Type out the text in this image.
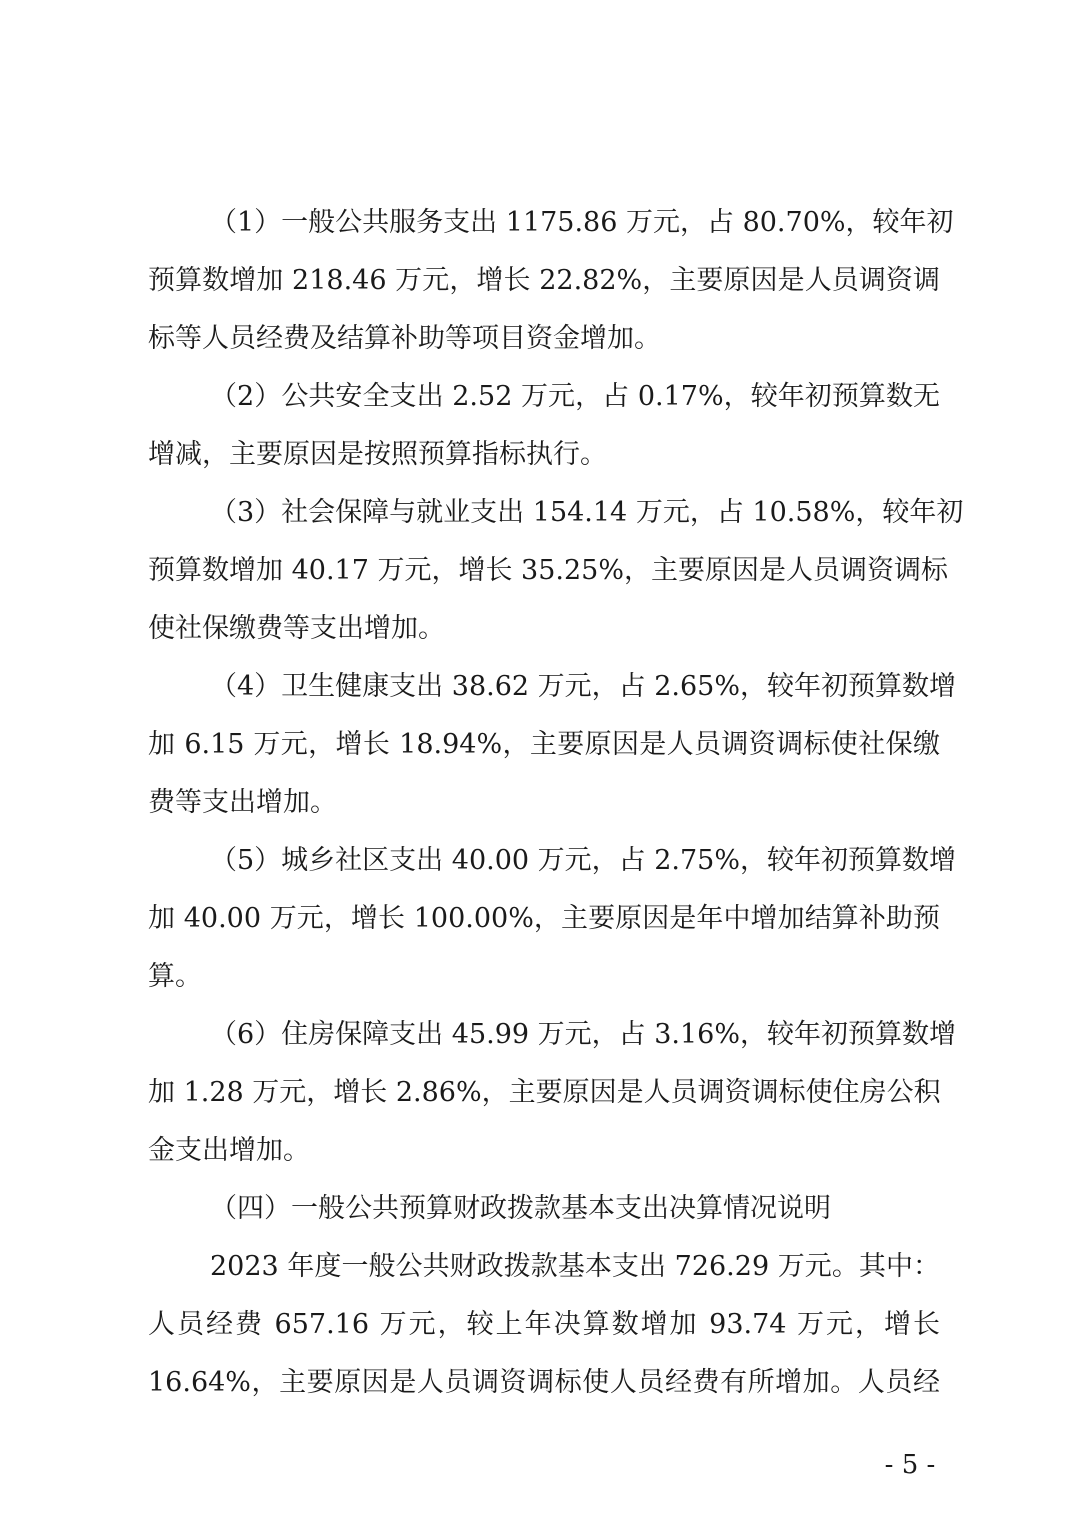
（1）一般公共服务支出 1175.86 万元，占 80.70%，较年初
预算数增加 218.46 万元，增长 22.82%，主要原因是人员调资调
标等人员经费及结算补助等项目资金增加。
（2）公共安全支出 2.52 万元，占 0.17%，较年初预算数无
增减，主要原因是按照预算指标执行。
（3）社会保障与就业支出 154.14 万元，占 10.58%，较年初
预算数增加 40.17 万元，增长 35.25%，主要原因是人员调资调标
使社保缴费等支出增加。
（4）卫生健康支出 38.62 万元，占 2.65%，较年初预算数增
加 6.15 万元，增长 18.94%，主要原因是人员调资调标使社保缴
费等支出增加。
（5）城乡社区支出 40.00 万元，占 2.75%，较年初预算数增
加 40.00 万元，增长 100.00%，主要原因是年中增加结算补助预
算。
（6）住房保障支出 45.99 万元，占 3.16%，较年初预算数增
加 1.28 万元，增长 2.86%，主要原因是人员调资调标使住房公积
金支出增加。
（四）一般公共预算财政拨款基本支出决算情况说明
2023 年度一般公共财政拨款基本支出 726.29 万元。其中：
人员经费 657.16 万元，较上年决算数增加 93.74 万元，增长
16.64%，主要原因是人员调资调标使人员经费有所增加。人员经
- 5 -
